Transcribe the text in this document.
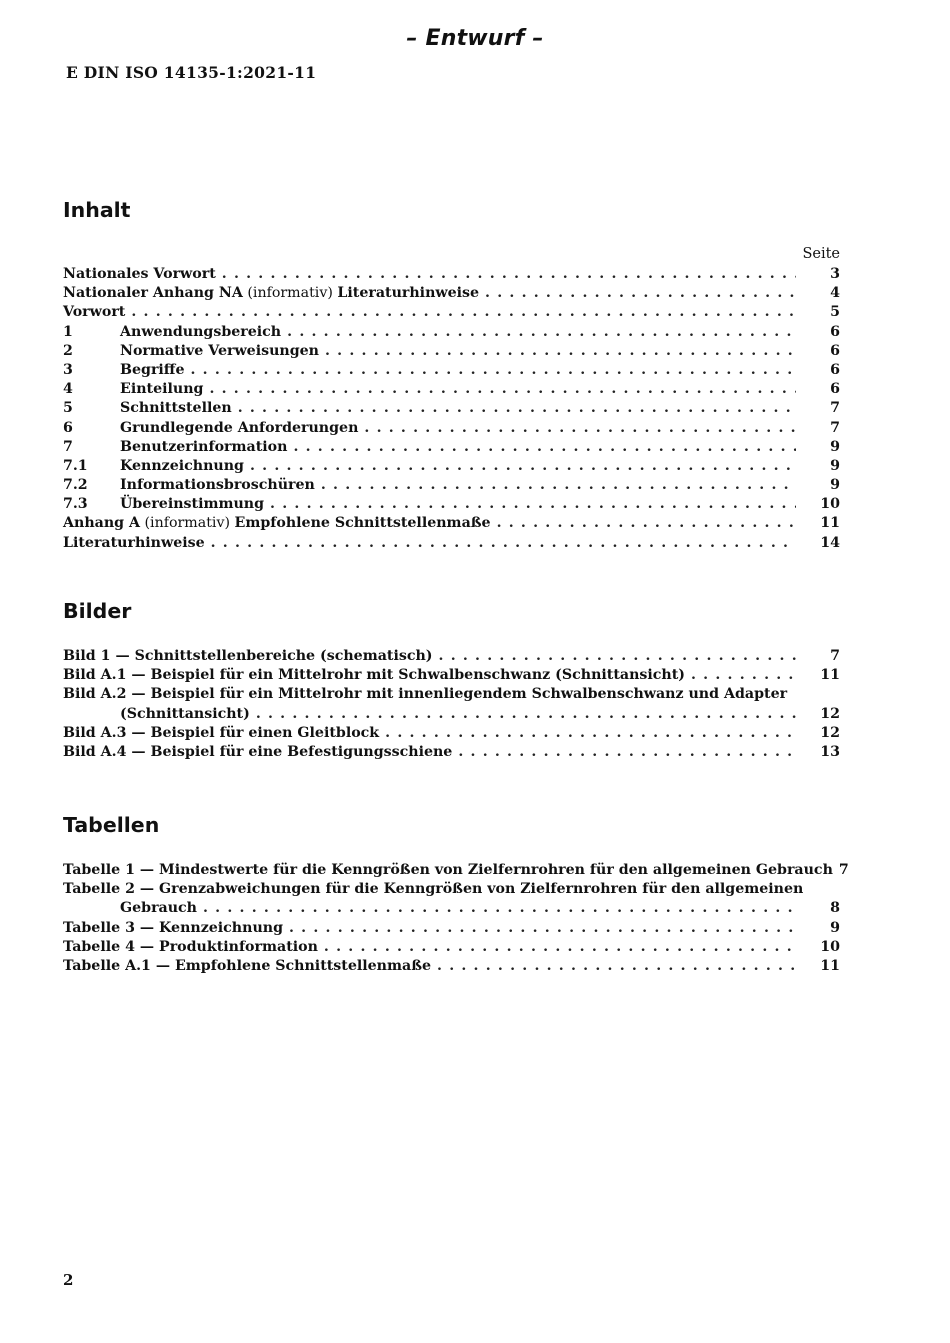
– Entwurf –
E DIN ISO 14135-1:2021-11
Inhalt
Seite
Nationales Vorwort . . .	3
Nationaler Anhang NA (informativ) Literaturhinweise . . .	4
Vorwort . . .	5
1	Anwendungsbereich . . .	6
2	Normative Verweisungen . . .	6
3	Begriffe . . .	6
4	Einteilung . . .	6
5	Schnittstellen . . .	7
6	Grundlegende Anforderungen . . .	7
7	Benutzerinformation . . .	9
7.1	Kennzeichnung . . .	9
7.2	Informationsbroschüren . . .	9
7.3	Übereinstimmung . . .	10
Anhang A (informativ) Empfohlene Schnittstellenmaße . . .	11
Literaturhinweise . . .	14
Bilder
Bild 1 — Schnittstellenbereiche (schematisch) . . .	7
Bild A.1 — Beispiel für ein Mittelrohr mit Schwalbenschwanz (Schnittansicht) . . .	11
Bild A.2 — Beispiel für ein Mittelrohr mit innenliegendem Schwalbenschwanz und Adapter
(Schnittansicht) . . .	12
Bild A.3 — Beispiel für einen Gleitblock . . .	12
Bild A.4 — Beispiel für eine Befestigungsschiene . . .	13
Tabellen
Tabelle 1 — Mindestwerte für die Kenngrößen von Zielfernrohren für den allgemeinen Gebrauch 7
Tabelle 2 — Grenzabweichungen für die Kenngrößen von Zielfernrohren für den allgemeinen
Gebrauch . . .	8
Tabelle 3 — Kennzeichnung . . .	9
Tabelle 4 — Produktinformation . . .	10
Tabelle A.1 — Empfohlene Schnittstellenmaße . . .	11
2
